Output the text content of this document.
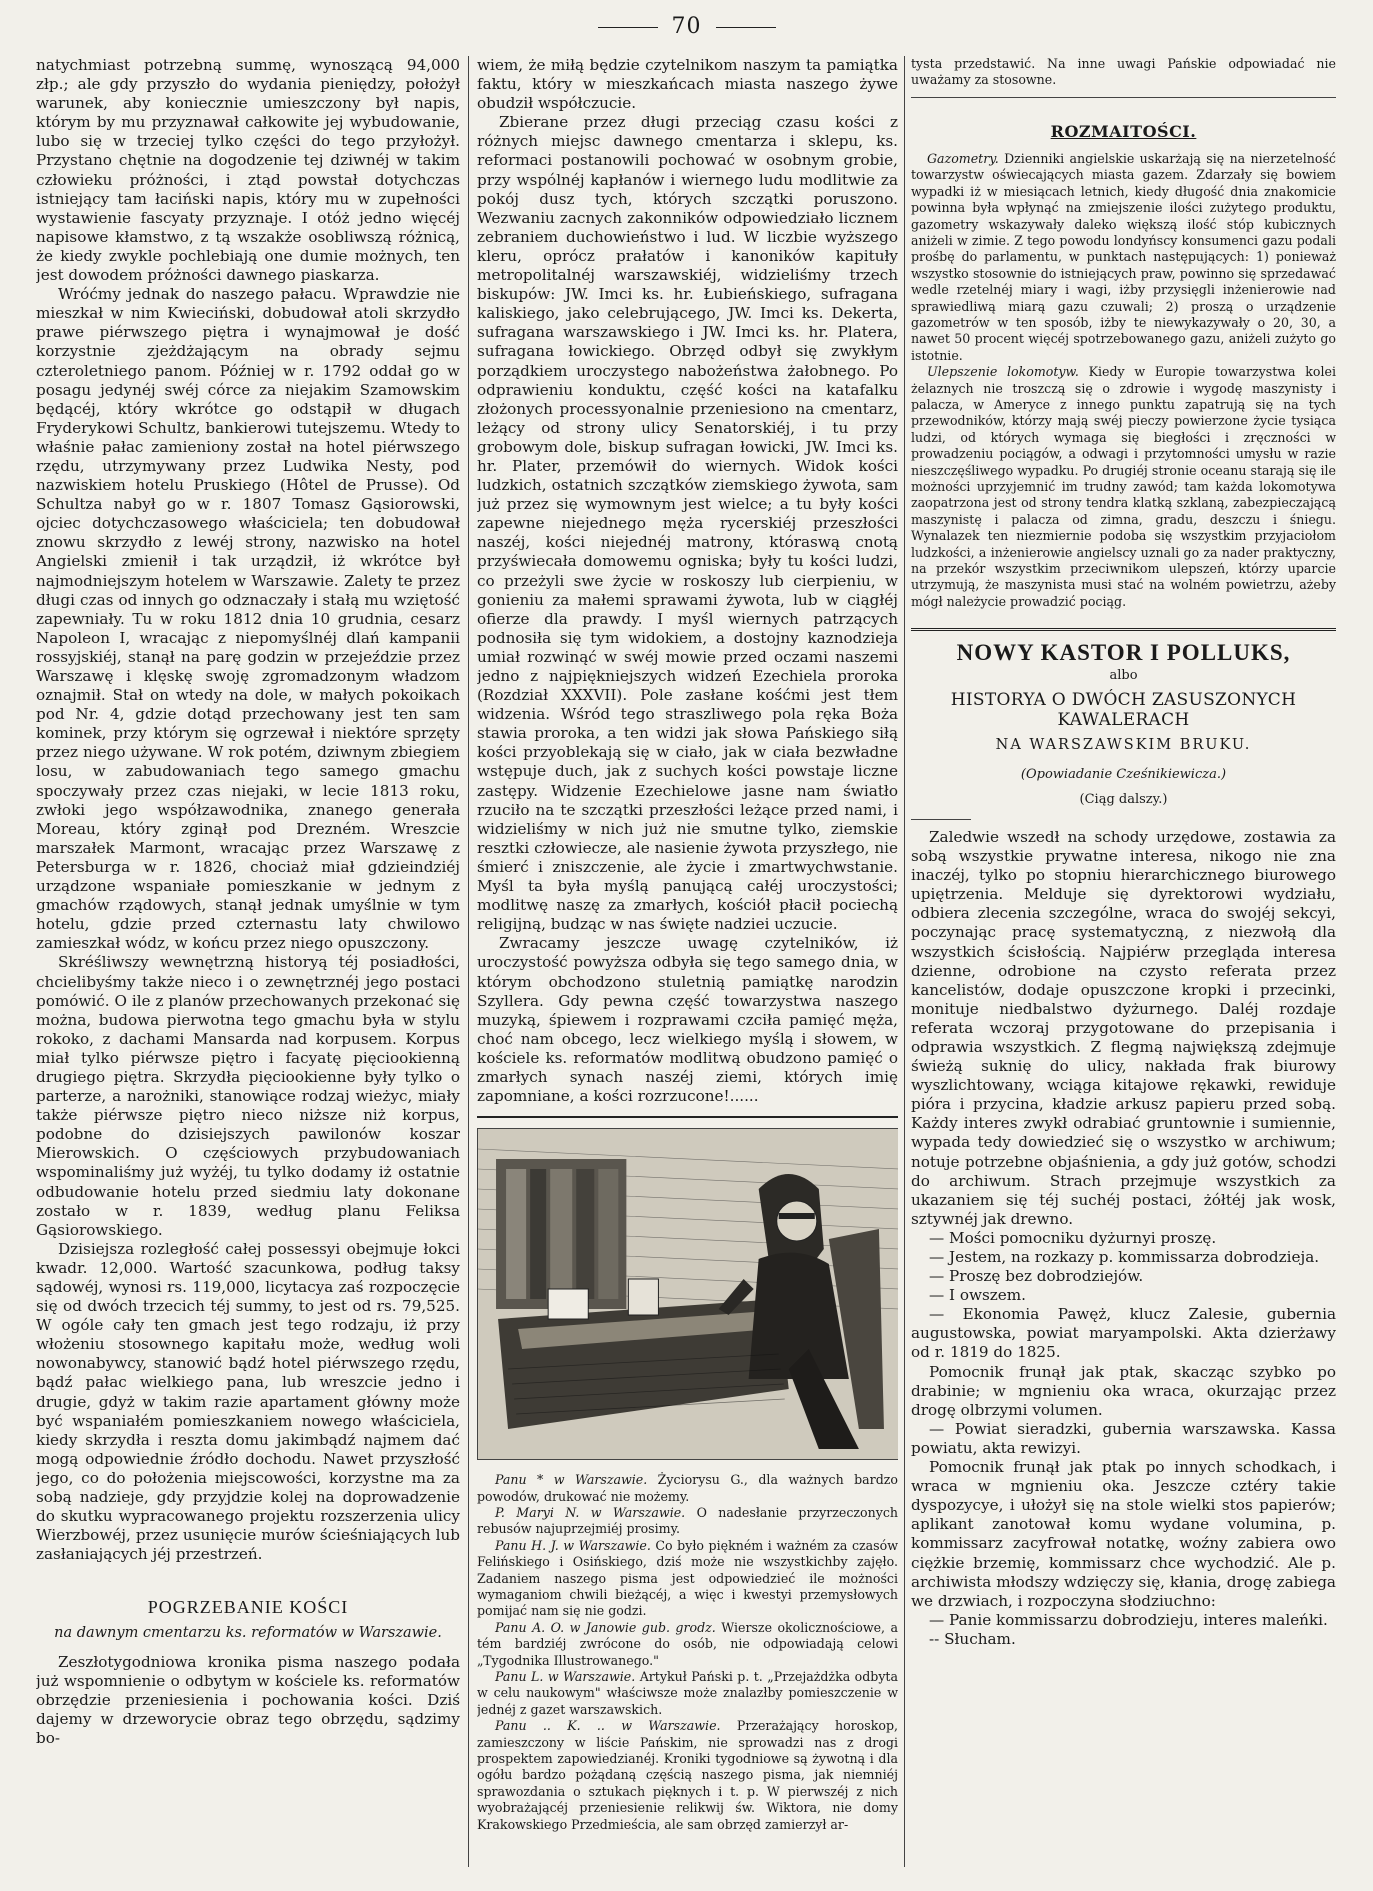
70

natychmiast potrzebną summę, wynoszącą 94,000 złp.; ale gdy przyszło do wydania pieniędzy, położył warunek, aby koniecznie umieszczony był napis, którym by mu przyznawał całkowite jej wybudowanie, lubo się w trzeciej tylko części do tego przyłożył. Przystano chętnie na dogodzenie tej dziwnéj w takim człowieku próżności, i ztąd powstał dotychczas istniejący tam łaciński napis, który mu w zupełności wystawienie fascyaty przyznaje. I otóż jedno więcéj napisowe kłamstwo, z tą wszakże osobliwszą różnicą, że kiedy zwykle pochlebiają one dumie możnych, ten jest dowodem próżności dawnego piaskarza.

Wróćmy jednak do naszego pałacu. Wprawdzie nie mieszkał w nim Kwieciński, dobudował atoli skrzydło prawe piérwszego piętra i wynajmował je dość korzystnie zjeżdżającym na obrady sejmu czteroletniego panom. Później w r. 1792 oddał go w posagu jedynéj swéj córce za niejakim Szamowskim będącéj, który wkrótce go odstąpił w długach Fryderykowi Schultz, bankierowi tutejszemu. Wtedy to właśnie pałac zamieniony został na hotel piérwszego rzędu, utrzymywany przez Ludwika Nesty, pod nazwiskiem hotelu Pruskiego (Hôtel de Prusse). Od Schultza nabył go w r. 1807 Tomasz Gąsiorowski, ojciec dotychczasowego właściciela; ten dobudował znowu skrzydło z lewéj strony, nazwisko na hotel Angielski zmienił i tak urządził, iż wkrótce był najmodniejszym hotelem w Warszawie. Zalety te przez długi czas od innych go odznaczały i stałą mu wziętość zapewniały. Tu w roku 1812 dnia 10 grudnia, cesarz Napoleon I, wracając z niepomyślnéj dlań kampanii rossyjskiéj, stanął na parę godzin w przejeździe przez Warszawę i klęskę swoję zgromadzonym władzom oznajmił. Stał on wtedy na dole, w małych pokoikach pod Nr. 4, gdzie dotąd przechowany jest ten sam kominek, przy którym się ogrzewał i niektóre sprzęty przez niego używane. W rok potém, dziwnym zbiegiem losu, w zabudowaniach tego samego gmachu spoczywały przez czas niejaki, w lecie 1813 roku, zwłoki jego współzawodnika, znanego generała Moreau, który zginął pod Drezném. Wreszcie marszałek Marmont, wracając przez Warszawę z Petersburga w r. 1826, chociaż miał gdzieindziéj urządzone wspaniałe pomieszkanie w jednym z gmachów rządowych, stanął jednak umyślnie w tym hotelu, gdzie przed czternastu laty chwilowo zamieszkał wódz, w końcu przez niego opuszczony.

Skréśliwszy wewnętrzną historyą téj posiadłości, chcielibyśmy także nieco i o zewnętrznéj jego postaci pomówić. O ile z planów przechowanych przekonać się można, budowa pierwotna tego gmachu była w stylu rokoko, z dachami Mansarda nad korpusem. Korpus miał tylko piérwsze piętro i facyatę pięciookienną drugiego piętra. Skrzydła pięciookienne były tylko o parterze, a narożniki, stanowiące rodzaj wieżyc, miały także piérwsze piętro nieco niższe niż korpus, podobne do dzisiejszych pawilonów koszar Mierowskich. O częściowych przybudowaniach wspominaliśmy już wyżéj, tu tylko dodamy iż ostatnie odbudowanie hotelu przed siedmiu laty dokonane zostało w r. 1839, według planu Feliksa Gąsiorowskiego.

Dzisiejsza rozległość całej possessyi obejmuje łokci kwadr. 12,000. Wartość szacunkowa, podług taksy sądowéj, wynosi rs. 119,000, licytacya zaś rozpoczęcie się od dwóch trzecich téj summy, to jest od rs. 79,525. W ogóle cały ten gmach jest tego rodzaju, iż przy włożeniu stosownego kapitału może, według woli nowonabywcy, stanowić bądź hotel piérwszego rzędu, bądź pałac wielkiego pana, lub wreszcie jedno i drugie, gdyż w takim razie apartament główny może być wspaniałém pomieszkaniem nowego właściciela, kiedy skrzydła i reszta domu jakimbądź najmem dać mogą odpowiednie źródło dochodu. Nawet przyszłość jego, co do położenia miejscowości, korzystne ma za sobą nadzieje, gdy przyjdzie kolej na doprowadzenie do skutku wypracowanego projektu rozszerzenia ulicy Wierzbowéj, przez usunięcie murów ścieśniających lub zasłaniających jéj przestrzeń.

POGRZEBANIE KOŚCI
na dawnym cmentarzu ks. reformatów w Warszawie.

Zeszłotygodniowa kronika pisma naszego podała już wspomnienie o odbytym w kościele ks. reformatów obrzędzie przeniesienia i pochowania kości. Dziś dajemy w drzeworycie obraz tego obrzędu, sądzimy bo-

wiem, że miłą będzie czytelnikom naszym ta pamiątka faktu, który w mieszkańcach miasta naszego żywe obudził współczucie.

Zbierane przez długi przeciąg czasu kości z różnych miejsc dawnego cmentarza i sklepu, ks. reformaci postanowili pochować w osobnym grobie, przy wspólnéj kapłanów i wiernego ludu modlitwie za pokój dusz tych, których szczątki poruszono. Wezwaniu zacnych zakonników odpowiedziało licznem zebraniem duchowieństwo i lud. W liczbie wyższego kleru, oprócz prałatów i kanoników kapituły metropolitalnéj warszawskiéj, widzieliśmy trzech biskupów: JW. Imci ks. hr. Łubieńskiego, sufragana kaliskiego, jako celebrującego, JW. Imci ks. Dekerta, sufragana warszawskiego i JW. Imci ks. hr. Platera, sufragana łowickiego. Obrzęd odbył się zwykłym porządkiem uroczystego nabożeństwa żałobnego. Po odprawieniu konduktu, część kości na katafalku złożonych processyonalnie przeniesiono na cmentarz, leżący od strony ulicy Senatorskiéj, i tu przy grobowym dole, biskup sufragan łowicki, JW. Imci ks. hr. Plater, przemówił do wiernych. Widok kości ludzkich, ostatnich szczątków ziemskiego żywota, sam już przez się wymownym jest wielce; a tu były kości zapewne niejednego męża rycerskiéj przeszłości naszéj, kości niejednéj matrony, któraswą cnotą przyświecała domowemu ogniska; były tu kości ludzi, co przeżyli swe życie w roskoszy lub cierpieniu, w gonieniu za małemi sprawami żywota, lub w ciągłéj ofierze dla prawdy. I myśl wiernych patrzących podnosiła się tym widokiem, a dostojny kaznodzieja umiał rozwinąć w swéj mowie przed oczami naszemi jedno z najpiękniejszych widzeń Ezechiela proroka (Rozdział XXXVII). Pole zasłane kośćmi jest tłem widzenia. Wśród tego straszliwego pola ręka Boża stawia proroka, a ten widzi jak słowa Pańskiego siłą kości przyoblekają się w ciało, jak w ciała bezwładne wstępuje duch, jak z suchych kości powstaje liczne zastępy. Widzenie Ezechielowe jasne nam światło rzuciło na te szczątki przeszłości leżące przed nami, i widzieliśmy w nich już nie smutne tylko, ziemskie resztki człowiecze, ale nasienie żywota przyszłego, nie śmierć i zniszczenie, ale życie i zmartwychwstanie. Myśl ta była myślą panującą całéj uroczystości; modlitwę naszę za zmarłych, kościół płacił pociechą religijną, budząc w nas święte nadziei uczucie.

Zwracamy jeszcze uwagę czytelników, iż uroczystość powyższa odbyła się tego samego dnia, w którym obchodzono stuletnią pamiątkę narodzin Szyllera. Gdy pewna część towarzystwa naszego muzyką, śpiewem i rozprawami czciła pamięć męża, choć nam obcego, lecz wielkiego myślą i słowem, w kościele ks. reformatów modlitwą obudzono pamięć o zmarłych synach naszéj ziemi, których imię zapomniane, a kości rozrzucone!......

Panu * w Warszawie. Życiorysu G., dla ważnych bardzo powodów, drukować nie możemy.

P. Maryi N. w Warszawie. O nadesłanie przyrzeczonych rebusów najuprzejmiéj prosimy.

Panu H. J. w Warszawie. Co było piękném i ważném za czasów Felińskiego i Osińskiego, dziś może nie wszystkichby zajęło. Zadaniem naszego pisma jest odpowiedzieć ile możności wymaganiom chwili bieżącéj, a więc i kwestyi przemysłowych pomijać nam się nie godzi.

Panu A. O. w Janowie gub. grodz. Wiersze okolicznościowe, a tém bardziéj zwrócone do osób, nie odpowiadają celowi „Tygodnika Illustrowanego."

Panu L. w Warszawie. Artykuł Pański p. t. „Przejażdżka odbyta w celu naukowym" właściwsze może znalazłby pomieszczenie w jednéj z gazet warszawskich.

Panu .. K. .. w Warszawie. Przerażający horoskop, zamieszczony w liście Pańskim, nie sprowadzi nas z drogi prospektem zapowiedzianéj. Kroniki tygodniowe są żywotną i dla ogółu bardzo pożądaną częścią naszego pisma, jak niemniéj sprawozdania o sztukach pięknych i t. p. W pierwszéj z nich wyobrażającéj przeniesienie relikwij św. Wiktora, nie domy Krakowskiego Przedmieścia, ale sam obrzęd zamierzył ar-

tysta przedstawić. Na inne uwagi Pańskie odpowiadać nie uważamy za stosowne.

ROZMAITOŚCI.

Gazometry. Dzienniki angielskie uskarżają się na nierzetelność towarzystw oświecających miasta gazem. Zdarzały się bowiem wypadki iż w miesiącach letnich, kiedy długość dnia znakomicie powinna była wpłynąć na zmiejszenie ilości zużytego produktu, gazometry wskazywały daleko większą ilość stóp kubicznych aniżeli w zimie. Z tego powodu londyńscy konsumenci gazu podali prośbę do parlamentu, w punktach następujących: 1) ponieważ wszystko stosownie do istniejących praw, powinno się sprzedawać wedle rzetelnéj miary i wagi, iżby przysięgli inżenierowie nad sprawiedliwą miarą gazu czuwali; 2) proszą o urządzenie gazometrów w ten sposób, iżby te niewykazywały o 20, 30, a nawet 50 procent więcéj spotrzebowanego gazu, aniżeli zużyto go istotnie.

Ulepszenie lokomotyw. Kiedy w Europie towarzystwa kolei żelaznych nie troszczą się o zdrowie i wygodę maszynisty i palacza, w Ameryce z innego punktu zapatrują się na tych przewodników, którzy mają swéj pieczy powierzone życie tysiąca ludzi, od których wymaga się biegłości i zręczności w prowadzeniu pociągów, a odwagi i przytomności umysłu w razie nieszczęśliwego wypadku. Po drugiéj stronie oceanu starają się ile możności uprzyjemnić im trudny zawód; tam każda lokomotywa zaopatrzona jest od strony tendra klatką szklaną, zabezpieczającą maszynistę i palacza od zimna, gradu, deszczu i śniegu. Wynalazek ten niezmiernie podoba się wszystkim przyjaciołom ludzkości, a inżenierowie angielscy uznali go za nader praktyczny, na przekór wszystkim przeciwnikom ulepszeń, którzy uparcie utrzymują, że maszynista musi stać na wolném powietrzu, ażeby mógł należycie prowadzić pociąg.

NOWY KASTOR I POLLUKS,
albo
HISTORYA O DWÓCH ZASUSZONYCH KAWALERACH
NA WARSZAWSKIM BRUKU.
(Opowiadanie Cześnikiewicza.)
(Ciąg dalszy.)

Zaledwie wszedł na schody urzędowe, zostawia za sobą wszystkie prywatne interesa, nikogo nie zna inaczéj, tylko po stopniu hierarchicznego biurowego upiętrzenia. Melduje się dyrektorowi wydziału, odbiera zlecenia szczególne, wraca do swojéj sekcyi, poczynając pracę systematyczną, z niezwołą dla wszystkich ścisłością. Najpiérw przegląda interesa dzienne, odrobione na czysto referata przez kancelistów, dodaje opuszczone kropki i przecinki, monituje niedbalstwo dyżurnego. Daléj rozdaje referata wczoraj przygotowane do przepisania i odprawia wszystkich. Z flegmą największą zdejmuje świeżą suknię do ulicy, nakłada frak biurowy wyszlichtowany, wciąga kitajowe rękawki, rewiduje pióra i przycina, kładzie arkusz papieru przed sobą. Każdy interes zwykł odrabiać gruntownie i sumiennie, wypada tedy dowiedzieć się o wszystko w archiwum; notuje potrzebne objaśnienia, a gdy już gotów, schodzi do archiwum. Strach przejmuje wszystkich za ukazaniem się téj suchéj postaci, żółtéj jak wosk, sztywnéj jak drewno.

— Mości pomocniku dyżurnyi proszę.

— Jestem, na rozkazy p. kommissarza dobrodzieja.

— Proszę bez dobrodziejów.

— I owszem.

— Ekonomia Pawęż, klucz Zalesie, gubernia augustowska, powiat maryampolski. Akta dzierżawy od r. 1819 do 1825.

Pomocnik frunął jak ptak, skacząc szybko po drabinie; w mgnieniu oka wraca, okurzając przez drogę olbrzymi volumen.

— Powiat sieradzki, gubernia warszawska. Kassa powiatu, akta rewizyi.

Pomocnik frunął jak ptak po innych schodkach, i wraca w mgnieniu oka. Jeszcze cztéry takie dyspozycye, i ułożył się na stole wielki stos papierów; aplikant zanotował komu wydane volumina, p. kommissarz zacyfrował notatkę, woźny zabiera owo ciężkie brzemię, kommissarz chce wychodzić. Ale p. archiwista młodszy wdzięczy się, kłania, drogę zabiega we drzwiach, i rozpoczyna słodziuchno:

— Panie kommissarzu dobrodzieju, interes maleńki.

-- Słucham.
